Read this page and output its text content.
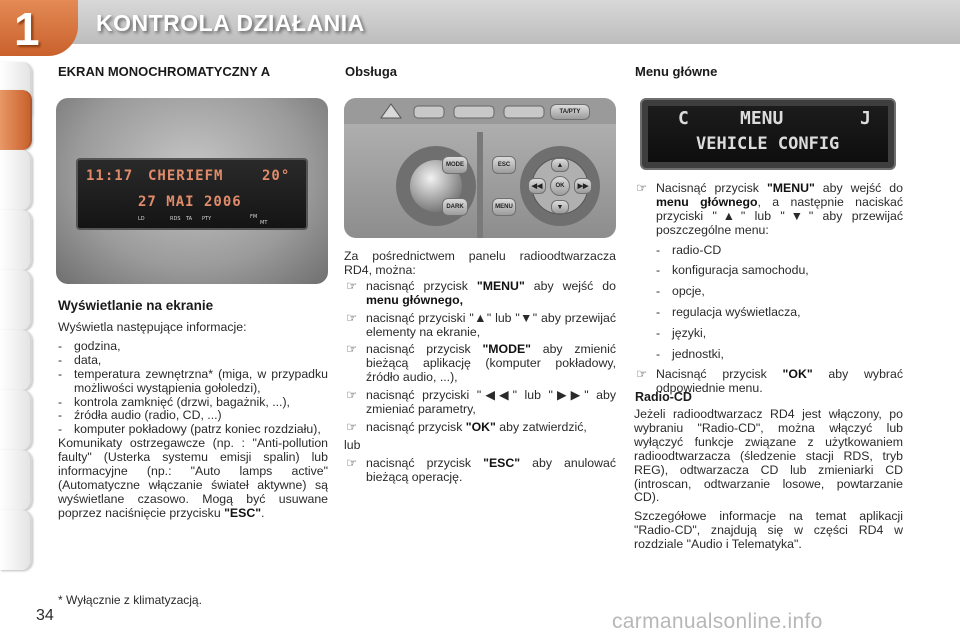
1 KONTROLA DZIAŁANIA
EKRAN MONOCHROMATYCZNY A
11:17 CHERIEFM	20°
27 MAI 2006
LD	RDS TA PTY	FM
MT
Wyświetlanie na ekranie

Wyświetla następujące informacje:

- godzina,
- data,
- temperatura zewnętrzna* (miga, w przypadku możliwości wystąpienia gołoledzi),
- kontrola zamknięć (drzwi, bagażnik, ...),
- źródła audio (radio, CD, ...)
- komputer pokładowy (patrz koniec rozdziału),

Komunikaty ostrzegawcze (np. : "Anti-pollution faulty" (Usterka systemu emisji spalin) lub informacyjne (np.: "Auto lamps active" (Automatyczne włączanie świateł aktywne) są wyświetlane czasowo. Mogą być usuwane poprzez naciśnięcie przycisku "ESC".

Obsługa
TA/PTY
MODE
DARK
ESC
MENU
OK
◀◀	▶▶
▲
▼

Za pośrednictwem panelu radioodtwarzacza RD4, można:

☞ nacisnąć przycisk "MENU" aby wejść do menu głównego,
☞ nacisnąć przyciski "▲" lub "▼" aby przewijać elementy na ekranie,
☞ nacisnąć przycisk "MODE" aby zmienić bieżącą aplikację (komputer pokładowy, źródło audio, ...),
☞ nacisnąć przyciski "◀◀" lub "▶▶" aby zmieniać parametry,
☞ nacisnąć przycisk "OK" aby zatwierdzić,

lub

☞ nacisnąć przycisk "ESC" aby anulować bieżącą operację.
Menu główne
C	MENU	J
VEHICLE CONFIG
☞ Nacisnąć przycisk "MENU" aby wejść do menu głównego, a następnie naciskać przyciski "▲" lub "▼" aby przewijać poszczególne menu:
- radio-CD
- konfiguracja samochodu,
- opcje,
- regulacja wyświetlacza,
- języki,
- jednostki,
☞ Nacisnąć przycisk "OK" aby wybrać odpowiednie menu.
Radio-CD

Jeżeli radioodtwarzacz RD4 jest włączony, po wybraniu "Radio-CD", można włączyć lub wyłączyć funkcje związane z użytkowaniem radioodtwarzacza (śledzenie stacji RDS, tryb REG), odtwarzacza CD lub zmieniarki CD (introscan, odtwarzanie losowe, powtarzanie CD).

Szczegółowe informacje na temat aplikacji "Radio-CD", znajdują się w części RD4 w rozdziale "Audio i Telematyka".

* Wyłącznie z klimatyzacją.
34	carmanualsonline.info
